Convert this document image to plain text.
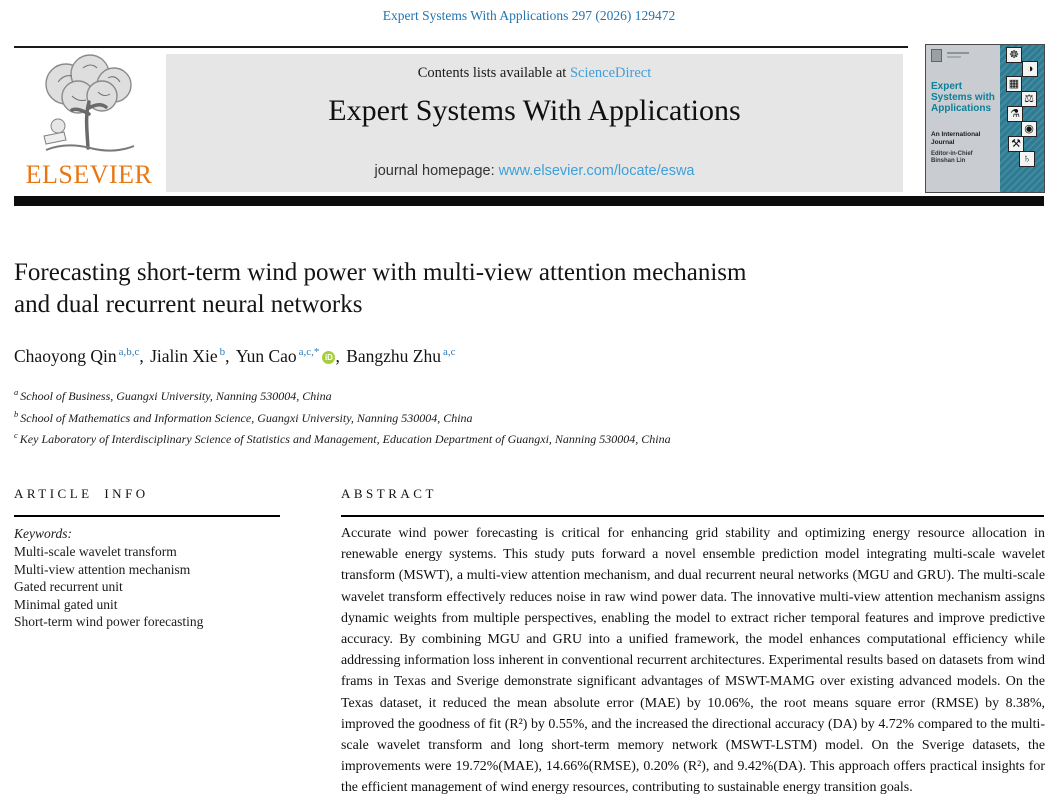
Expert Systems With Applications 297 (2026) 129472
ELSEVIER
Contents lists available at ScienceDirect
Expert Systems With Applications
journal homepage: www.elsevier.com/locate/eswa
☸
◑
▦
⚖
⚗
◉
⚒
♄
Expert Systems with Applications
An International Journal
Editor-in-Chief
Binshan Lin
Forecasting short-term wind power with multi-view attention mechanism
and dual recurrent neural networks
Chaoyong Qin $^{a,b,c}$, Jialin Xie $^b$, Yun Cao $^{a,c,*}$ iD , Bangzhu Zhu $^{a,c}$
$^a$ School of Business, Guangxi University, Nanning 530004, China
$^b$ School of Mathematics and Information Science, Guangxi University, Nanning 530004, China
$^c$ Key Laboratory of Interdisciplinary Science of Statistics and Management, Education Department of Guangxi, Nanning 530004, China
ARTICLE INFO	ABSTRACT
Keywords:
Multi-scale wavelet transform
Multi-view attention mechanism
Gated recurrent unit
Minimal gated unit
Short-term wind power forecasting
Accurate wind power forecasting is critical for enhancing grid stability and optimizing energy resource allocation in renewable energy systems. This study puts forward a novel ensemble prediction model integrating multi-scale wavelet transform (MSWT), a multi-view attention mechanism, and dual recurrent neural networks (MGU and GRU). The multi-scale wavelet transform effectively reduces noise in raw wind power data. The innovative multi-view attention mechanism assigns dynamic weights from multiple perspectives, enabling the model to extract richer temporal features and improve predictive accuracy. By combining MGU and GRU into a unified framework, the model enhances computational efficiency while addressing information loss inherent in conventional recurrent architectures. Experimental results based on datasets from wind frams in Texas and Sverige demonstrate significant advantages of MSWT-MAMG over existing advanced models. On the Texas dataset, it reduced the mean absolute error (MAE) by 10.06%, the root means square error (RMSE) by 8.38%, improved the goodness of fit (R²) by 0.55%, and the increased the directional accuracy (DA) by 4.72% compared to the multi-scale wavelet transform and long short-term memory network (MSWT-LSTM) model. On the Sverige datasets, the improvements were 19.72%(MAE), 14.66%(RMSE), 0.20% (R²), and 9.42%(DA). This approach offers practical insights for the efficient management of wind energy resources, contributing to sustainable energy transition goals.
